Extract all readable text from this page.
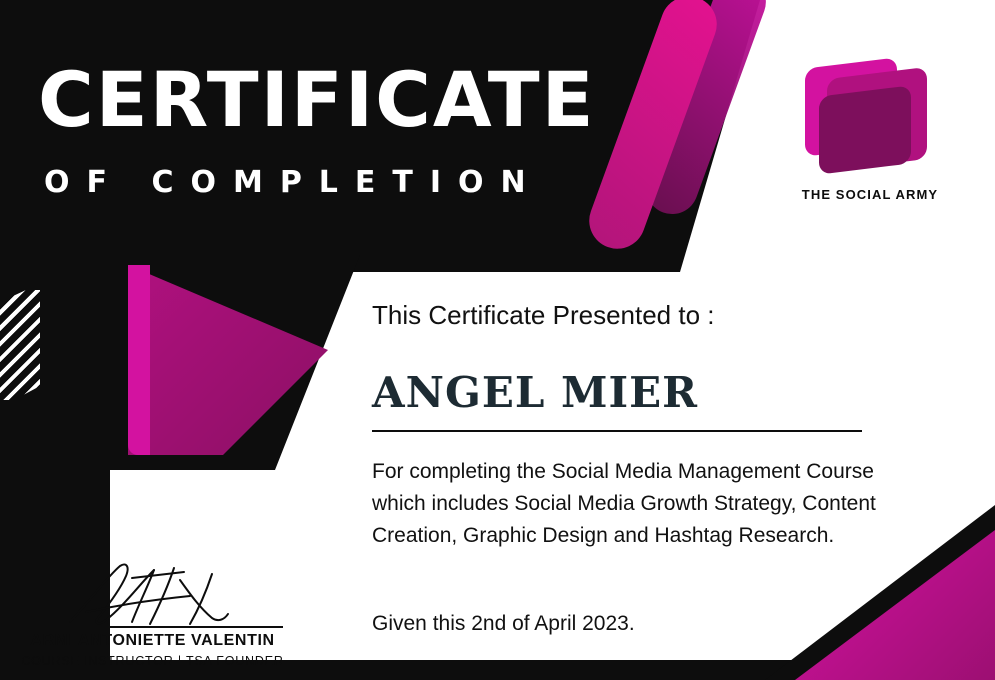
CERTIFICATE
OF COMPLETION	THE SOCIAL ARMY
This Certificate Presented to :
ANGEL MIER
For completing the Social Media Management Course which includes Social Media Growth Strategy, Content Creation, Graphic Design and Hashtag Research.
Given this 2nd of April 2023.
ARMI ANTONIETTE VALENTIN
COURSE INSTRUCTOR | TSA FOUNDER
